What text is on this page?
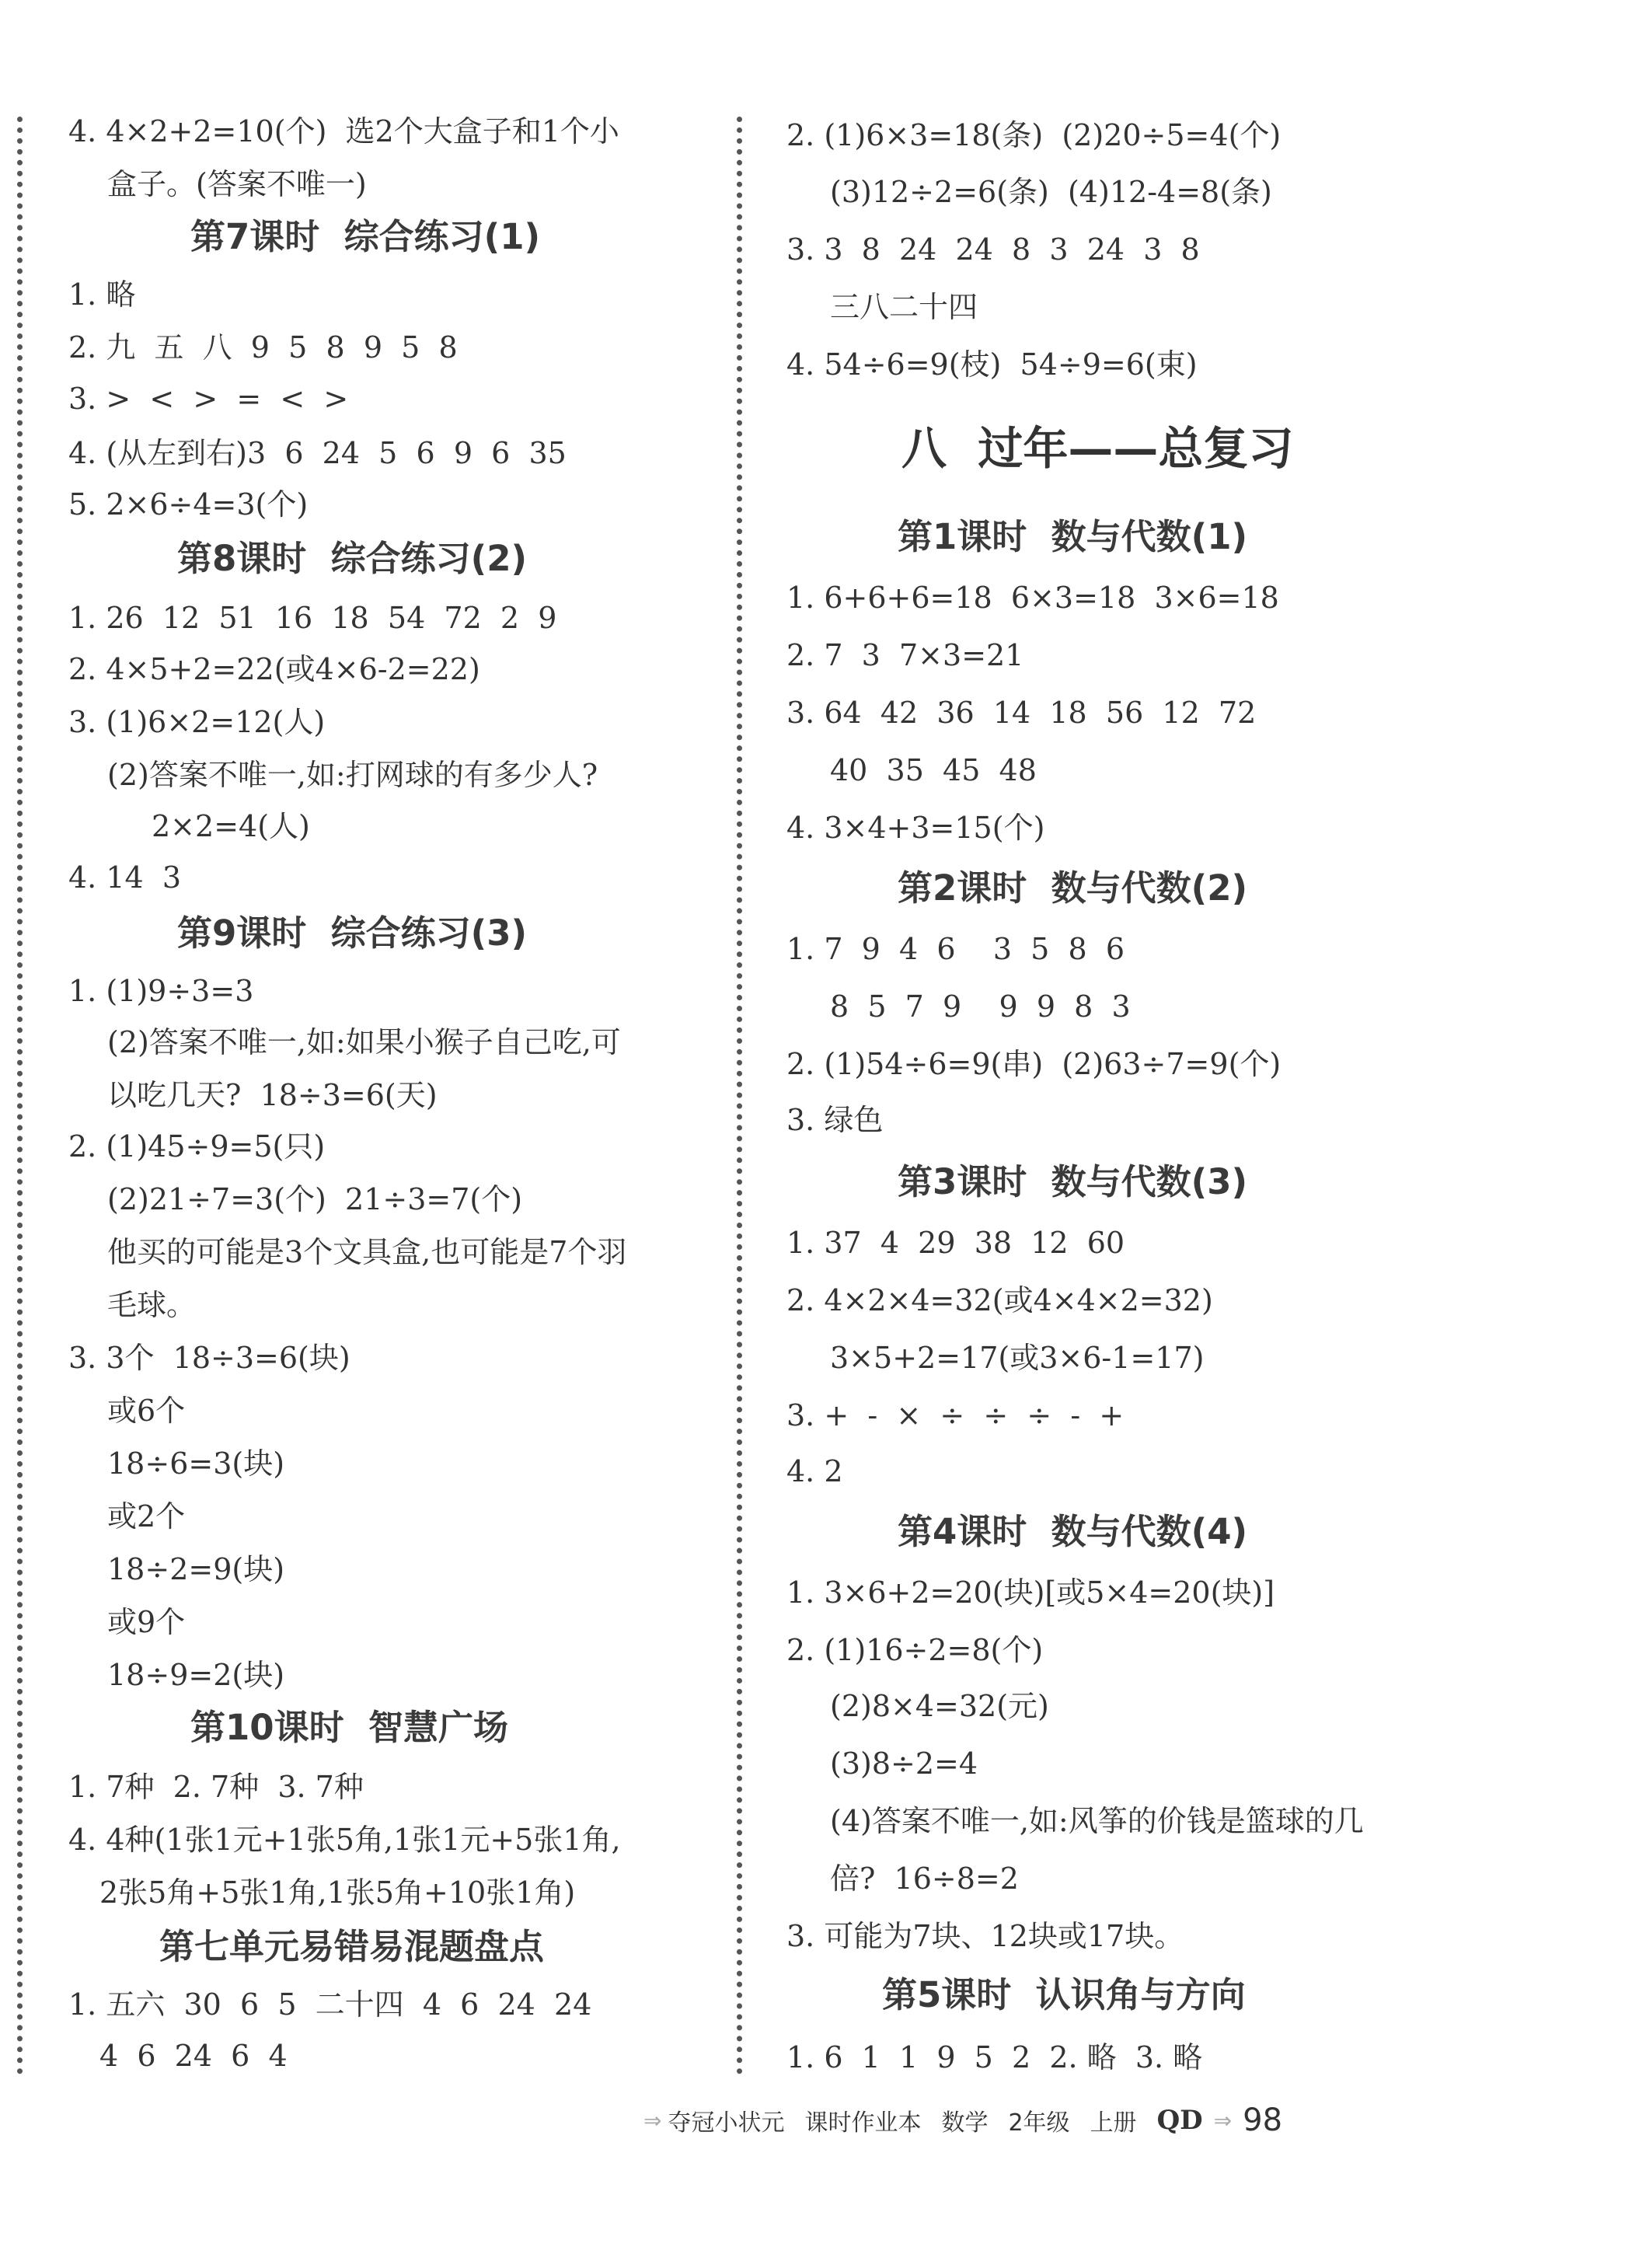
4. 4×2+2=10(个)  选2个大盒子和1个小
盒子。(答案不唯一)
第7课时  综合练习(1)
1. 略
2. 九  五  八  9  5  8  9  5  8
3. >  <  >  =  <  >
4. (从左到右)3  6  24  5  6  9  6  35
5. 2×6÷4=3(个)
第8课时  综合练习(2)
1. 26  12  51  16  18  54  72  2  9
2. 4×5+2=22(或4×6-2=22)
3. (1)6×2=12(人)
(2)答案不唯一,如:打网球的有多少人?
2×2=4(人)
4. 14  3
第9课时  综合练习(3)
1. (1)9÷3=3
(2)答案不唯一,如:如果小猴子自己吃,可
以吃几天?  18÷3=6(天)
2. (1)45÷9=5(只)
(2)21÷7=3(个)  21÷3=7(个)
他买的可能是3个文具盒,也可能是7个羽
毛球。
3. 3个  18÷3=6(块)
或6个
18÷6=3(块)
或2个
18÷2=9(块)
或9个
18÷9=2(块)
第10课时  智慧广场
1. 7种  2. 7种  3. 7种
4. 4种(1张1元+1张5角,1张1元+5张1角,
2张5角+5张1角,1张5角+10张1角)
第七单元易错易混题盘点
1. 五六  30  6  5  二十四  4  6  24  24
4  6  24  6  4
2. (1)6×3=18(条)  (2)20÷5=4(个)
(3)12÷2=6(条)  (4)12-4=8(条)
3. 3  8  24  24  8  3  24  3  8
三八二十四
4. 54÷6=9(枝)  54÷9=6(束)
八  过年——总复习
第1课时  数与代数(1)
1. 6+6+6=18  6×3=18  3×6=18
2. 7  3  7×3=21
3. 64  42  36  14  18  56  12  72
40  35  45  48
4. 3×4+3=15(个)
第2课时  数与代数(2)
1. 7  9  4  6    3  5  8  6
8  5  7  9    9  9  8  3
2. (1)54÷6=9(串)  (2)63÷7=9(个)
3. 绿色
第3课时  数与代数(3)
1. 37  4  29  38  12  60
2. 4×2×4=32(或4×4×2=32)
3×5+2=17(或3×6-1=17)
3. +  -  ×  ÷  ÷  ÷  -  +
4. 2
第4课时  数与代数(4)
1. 3×6+2=20(块)[或5×4=20(块)]
2. (1)16÷2=8(个)
(2)8×4=32(元)
(3)8÷2=4
(4)答案不唯一,如:风筝的价钱是篮球的几
倍?  16÷8=2
3. 可能为7块、12块或17块。
第5课时  认识角与方向
1. 6  1  1  9  5  2  2. 略  3. 略
⇒ 夺冠小状元 课时作业本 数学 2年级 上册 QD ⇒ 98
